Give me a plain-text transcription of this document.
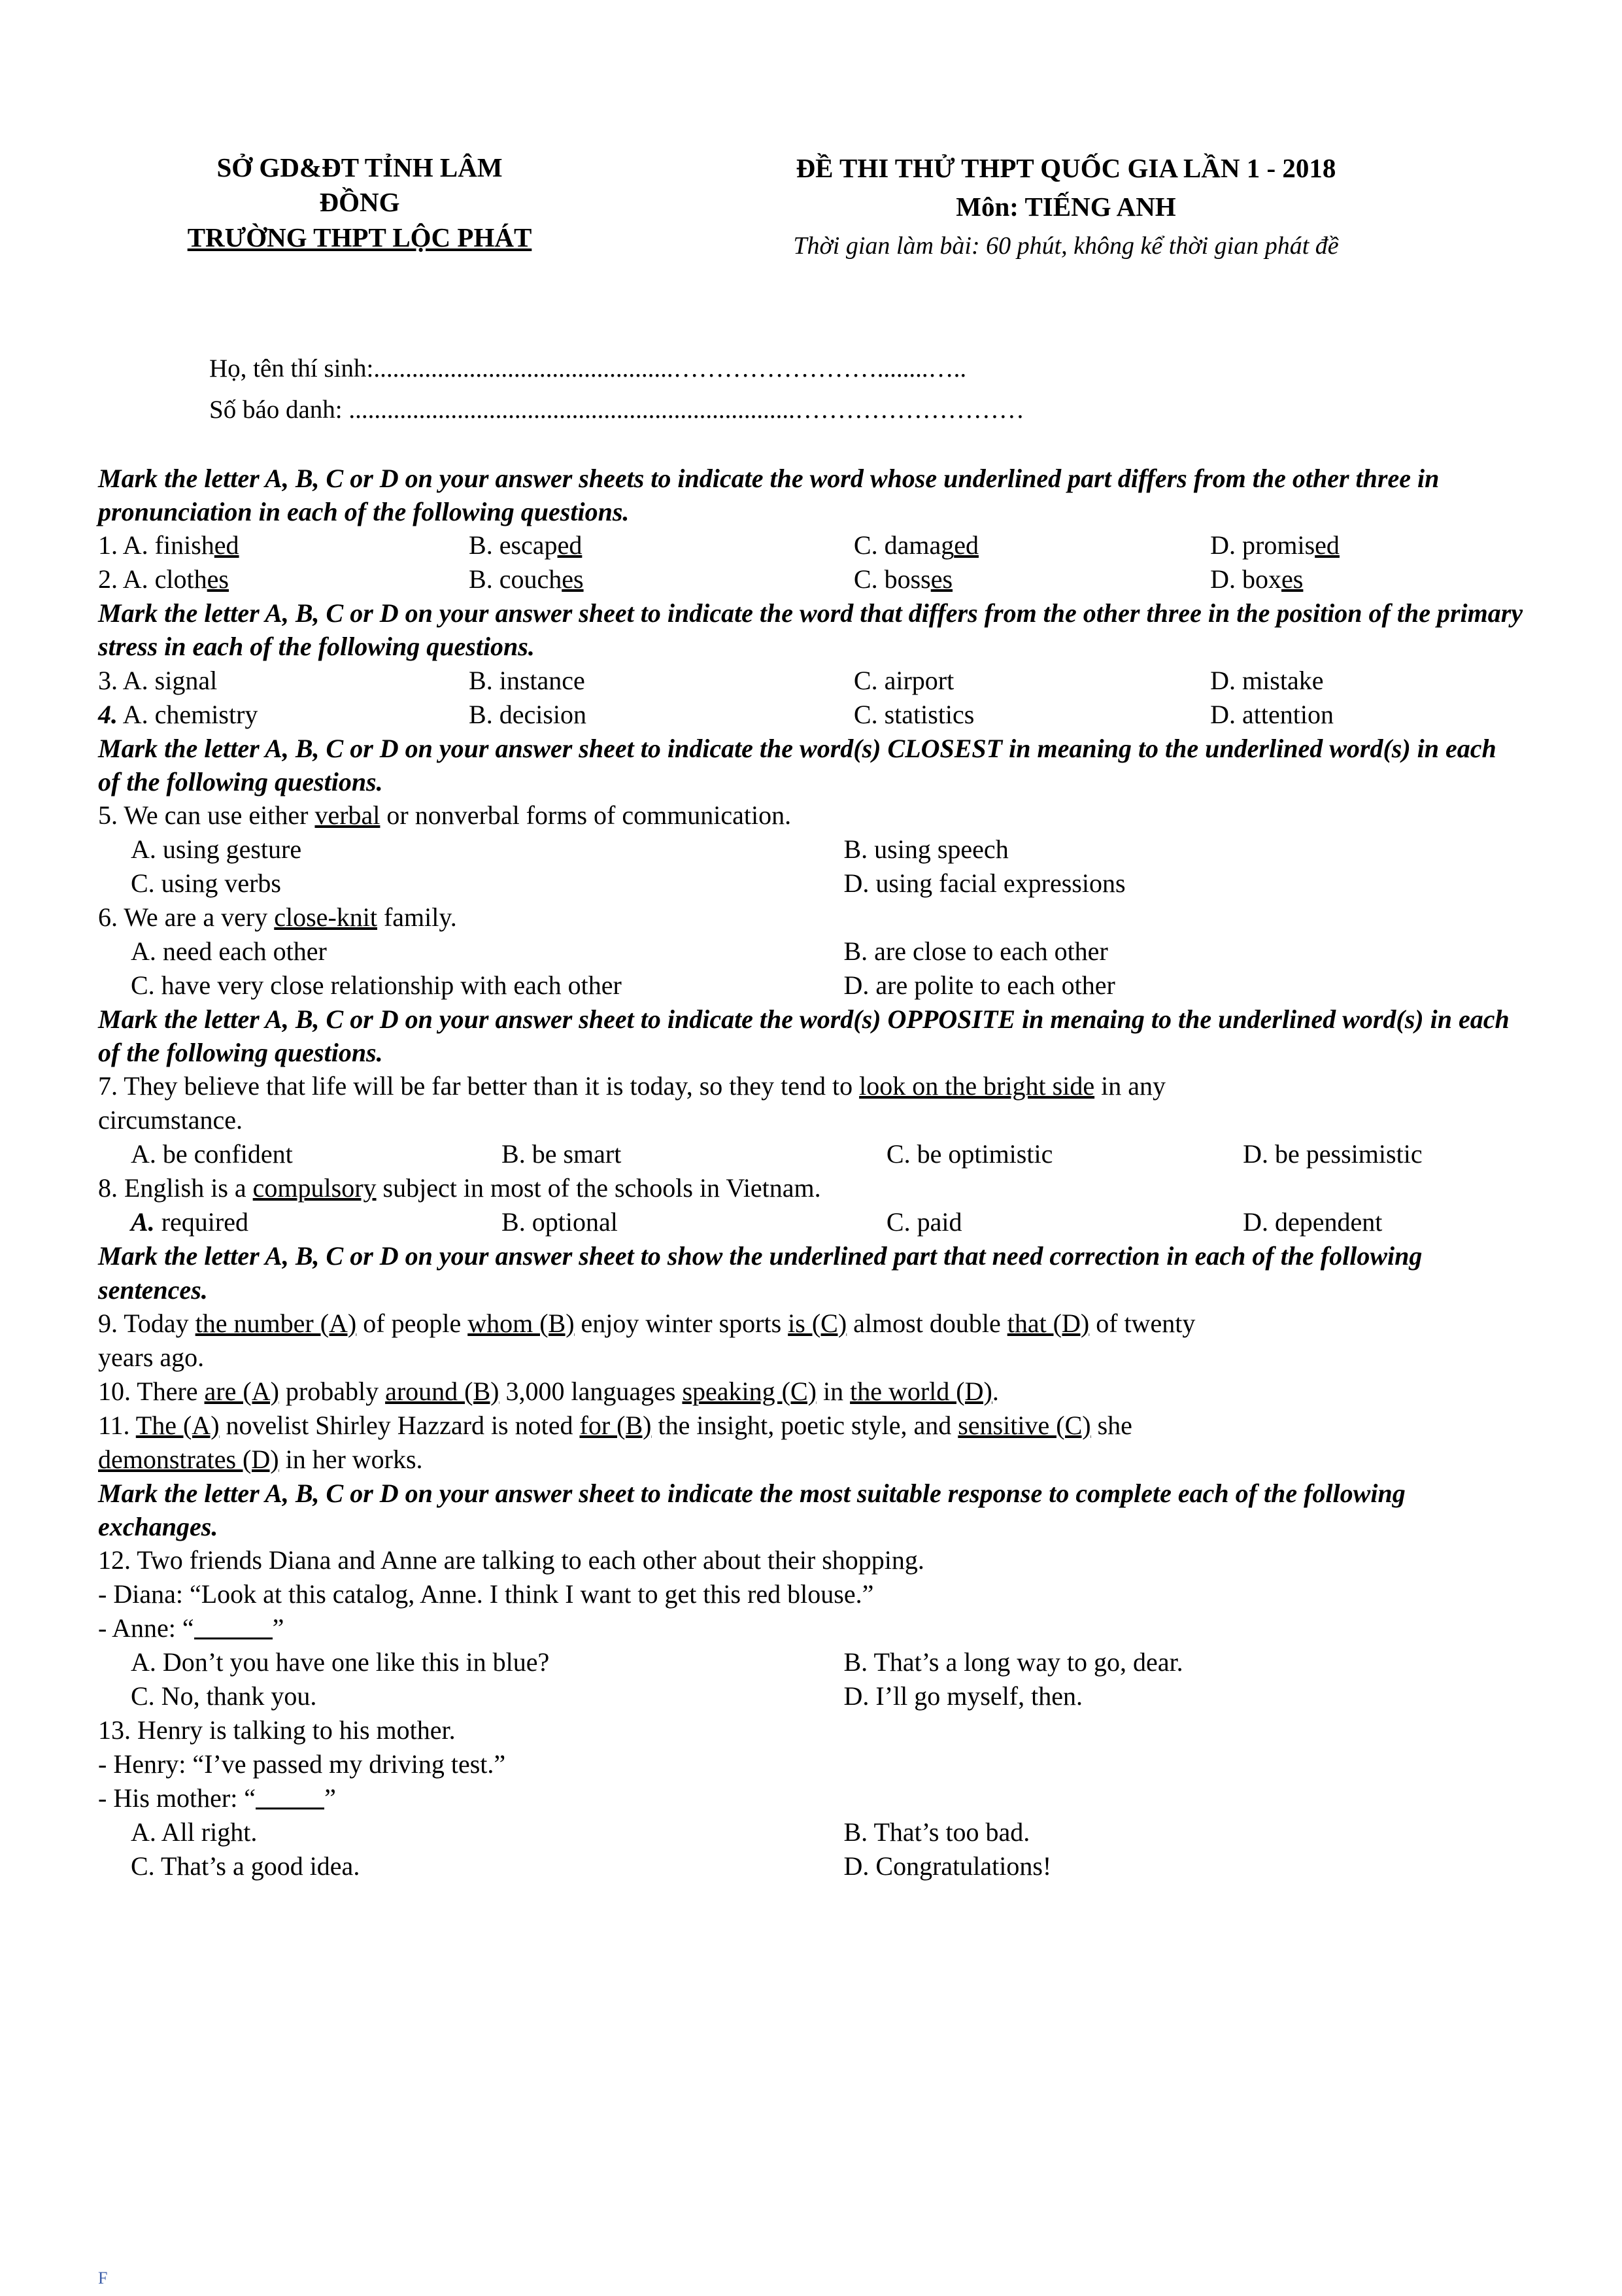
SỞ GD&ĐT TỈNH LÂM
ĐỒNG
TRƯỜNG THPT LỘC PHÁT
ĐỀ THI THỬ THPT QUỐC GIA LẦN 1 - 2018
Môn: TIẾNG ANH
Thời gian làm bài: 60 phút, không kể thời gian phát đề
Họ, tên thí sinh:...............................................……………………........…..
Số báo danh: ......................................................................………………………
Mark the letter A, B, C or D on your answer sheets to indicate the word whose underlined part differs from the other three in pronunciation in each of the following questions.
1. A. finished	B. escaped	C. damaged	D. promised
2. A. clothes	B. couches	C. bosses	D. boxes
Mark the letter A, B, C or D on your answer sheet to indicate the word that differs from the other three in the position of the primary stress in each of the following questions.
3. A. signal	B. instance	C. airport	D. mistake
4. A. chemistry	B. decision	C. statistics	D. attention
Mark the letter A, B, C or D on your answer sheet to indicate the word(s) CLOSEST in meaning to the underlined word(s) in each of the following questions.
5. We can use either verbal or nonverbal forms of communication.
A. using gesture	B. using speech
C. using verbs	D. using facial expressions
6. We are a very close-knit family.
A. need each other	B. are close to each other
C. have very close relationship with each other	D. are polite to each other
Mark the letter A, B, C or D on your answer sheet to indicate the word(s) OPPOSITE in menaing to the underlined word(s) in each of the following questions.
7. They believe that life will be far better than it is today, so they tend to look on the bright side in any
circumstance.
A. be confident	B. be smart	C. be optimistic	D. be pessimistic
8. English is a compulsory subject in most of the schools in Vietnam.
A. required	B. optional	C. paid	D. dependent
Mark the letter A, B, C or D on your answer sheet to show the underlined part that need correction in each of the following sentences.
9. Today the number (A) of people whom (B) enjoy winter sports is (C) almost double that (D) of twenty
years ago.
10. There are (A) probably around (B) 3,000 languages speaking (C) in the world (D).
11. The (A) novelist Shirley Hazzard is noted for (B) the insight, poetic style, and sensitive (C) she
demonstrates (D) in her works.
Mark the letter A, B, C or D on your answer sheet to indicate the most suitable response to complete each of the following exchanges.
12. Two friends Diana and Anne are talking to each other about their shopping.
- Diana: “Look at this catalog, Anne. I think I want to get this red blouse.”
- Anne: “	”
A. Don’t you have one like this in blue?	B. That’s a long way to go, dear.
C. No, thank you.	D. I’ll go myself, then.
13. Henry is talking to his mother.
- Henry: “I’ve passed my driving test.”
- His mother: “	”
A. All right.	B. That’s too bad.
C. That’s a good idea.	D. Congratulations!
F
